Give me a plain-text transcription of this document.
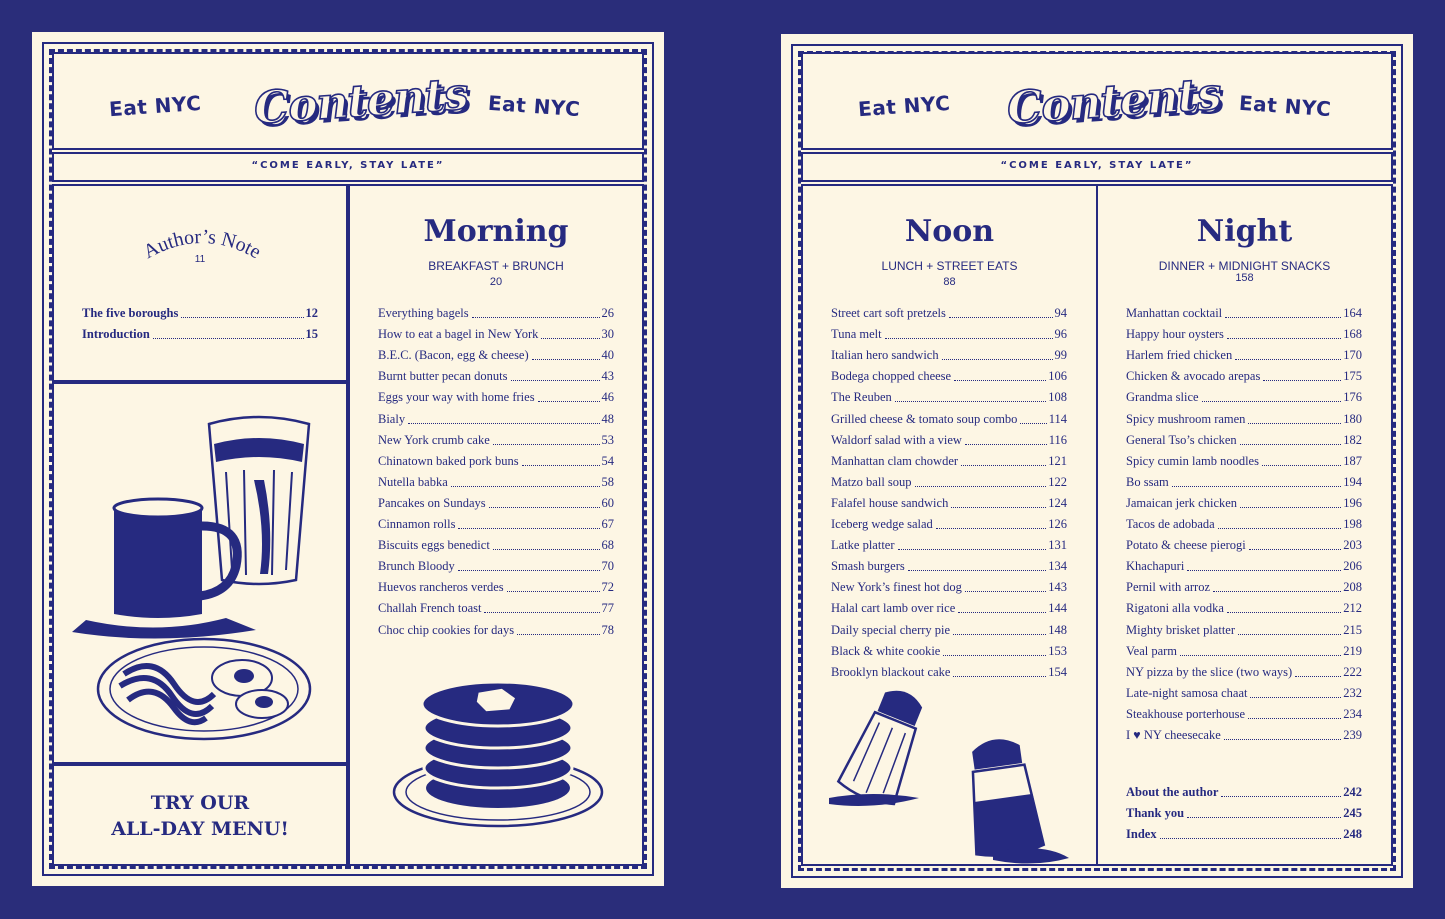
Eat NYC Contents Eat NYC
“COME EARLY, STAY LATE”
Author’s Note
11
The five boroughs	12
Introduction	15
TRY OUR
ALL-DAY MENU!
Morning
BREAKFAST + BRUNCH
20
Everything bagels	26
How to eat a bagel in New York	30
B.E.C. (Bacon, egg & cheese)	40
Burnt butter pecan donuts	43
Eggs your way with home fries	46
Bialy	48
New York crumb cake	53
Chinatown baked pork buns	54
Nutella babka	58
Pancakes on Sundays	60
Cinnamon rolls	67
Biscuits eggs benedict	68
Brunch Bloody	70
Huevos rancheros verdes	72
Challah French toast	77
Choc chip cookies for days	78
Eat NYC Contents Eat NYC
“COME EARLY, STAY LATE”
Noon
LUNCH + STREET EATS
88
Street cart soft pretzels	94
Tuna melt	96
Italian hero sandwich	99
Bodega chopped cheese	106
The Reuben	108
Grilled cheese & tomato soup combo	114
Waldorf salad with a view	116
Manhattan clam chowder	121
Matzo ball soup	122
Falafel house sandwich	124
Iceberg wedge salad	126
Latke platter	131
Smash burgers	134
New York’s finest hot dog	143
Halal cart lamb over rice	144
Daily special cherry pie	148
Black & white cookie	153
Brooklyn blackout cake	154
Night
DINNER + MIDNIGHT SNACKS
158
Manhattan cocktail	164
Happy hour oysters	168
Harlem fried chicken	170
Chicken & avocado arepas	175
Grandma slice	176
Spicy mushroom ramen	180
General Tso’s chicken	182
Spicy cumin lamb noodles	187
Bo ssam	194
Jamaican jerk chicken	196
Tacos de adobada	198
Potato & cheese pierogi	203
Khachapuri	206
Pernil with arroz	208
Rigatoni alla vodka	212
Mighty brisket platter	215
Veal parm	219
NY pizza by the slice (two ways)	222
Late-night samosa chaat	232
Steakhouse porterhouse	234
I ♥ NY cheesecake	239
About the author	242
Thank you	245
Index	248
